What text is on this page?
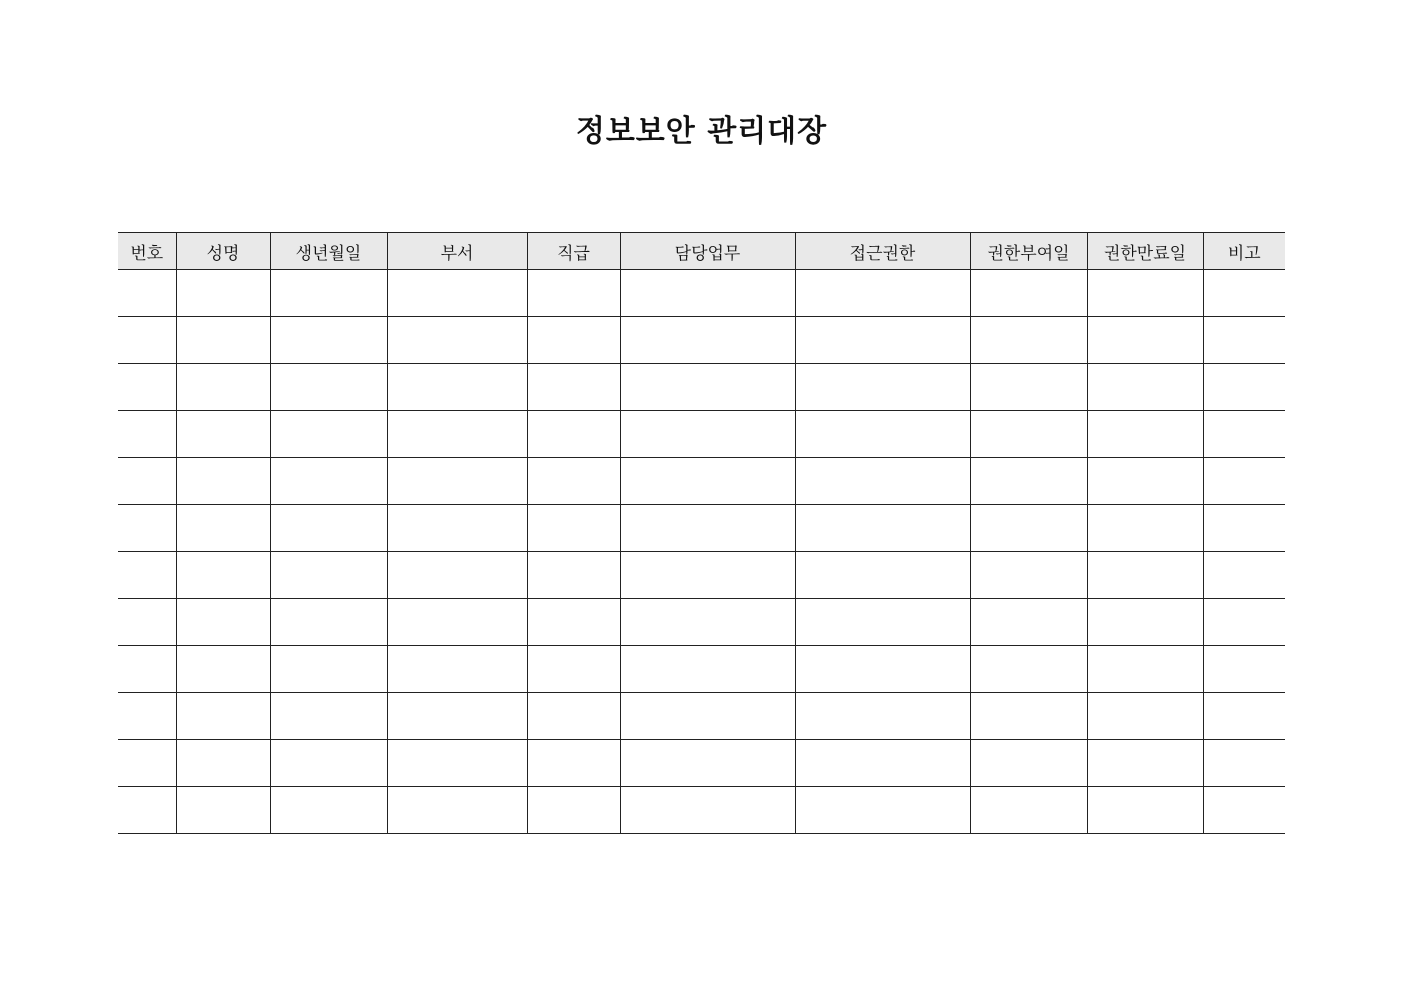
정보보안 관리대장
번호	성명	생년월일	부서	직급	담당업무	접근권한	권한부여일	권한만료일	비고
